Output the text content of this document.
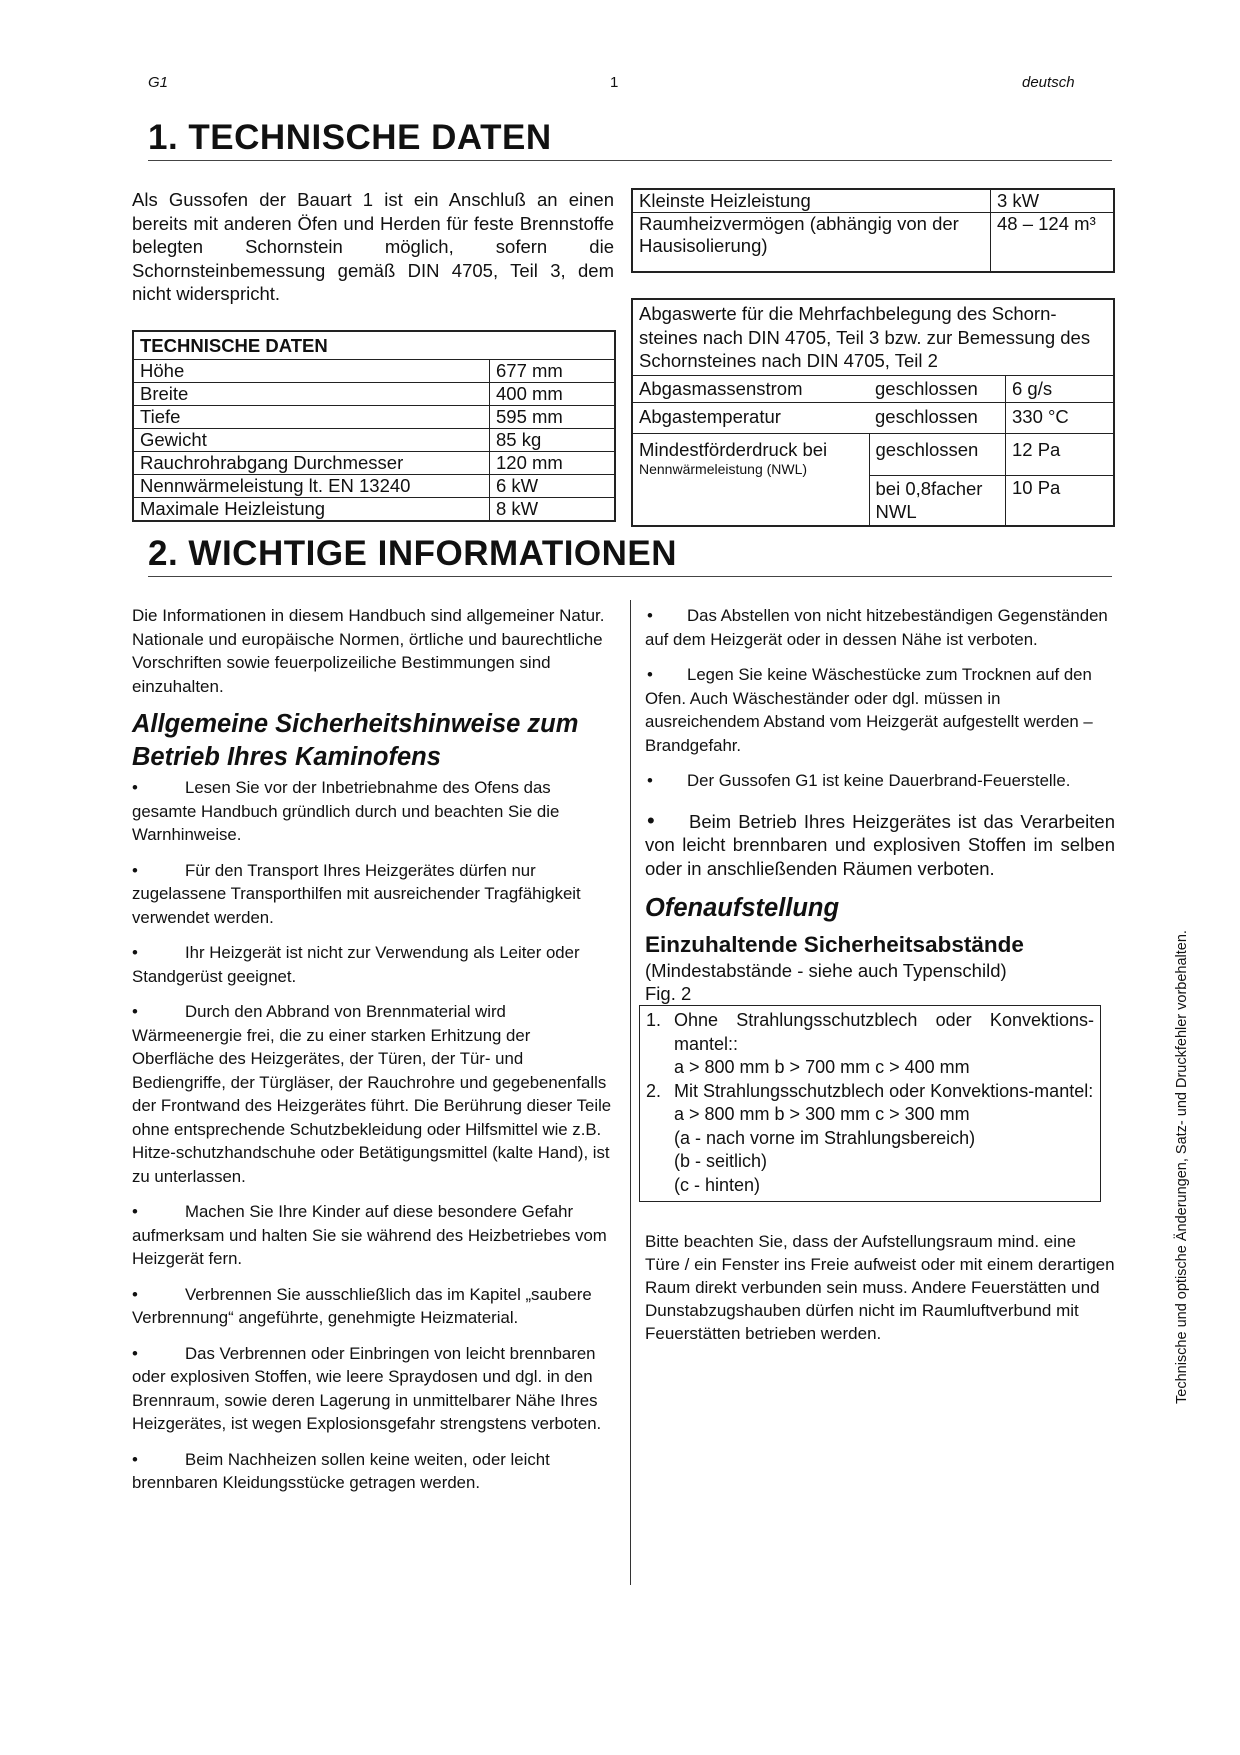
G1	1	deutsch
1. TECHNISCHE DATEN
Als Gussofen der Bauart 1 ist ein Anschluß an einen bereits mit anderen Öfen und Herden für feste Brennstoffe belegten Schornstein möglich, sofern die Schornsteinbemessung gemäß DIN 4705, Teil 3, dem nicht widerspricht.
TECHNISCHE DATEN	
Höhe	677 mm
Breite	400 mm
Tiefe	595 mm
Gewicht	85 kg
Rauchrohrabgang Durchmesser	120 mm
Nennwärmeleistung lt. EN 13240	6 kW
Maximale Heizleistung	8 kW
Kleinste Heizleistung	3 kW
Raumheizvermögen (abhängig von der Hausisolierung)	48 – 124 m³
Abgaswerte für die Mehrfachbelegung des Schorn-steines nach DIN 4705, Teil 3 bzw. zur Bemessung des Schornsteines nach DIN 4705, Teil 2		
Abgasmassenstrom	geschlossen	6 g/s
Abgastemperatur	geschlossen	330 °C

Mindestförderdruck bei
Nennwärmeleistung (NWL)	geschlossen	12 Pa
	bei 0,8facher NWL	10 Pa
2. WICHTIGE INFORMATIONEN

Die Informationen in diesem Handbuch sind allgemeiner Natur. Nationale und europäische Normen, örtliche und baurechtliche Vorschriften sowie feuerpolizeiliche Bestimmungen sind einzuhalten.

Allgemeine Sicherheitshinweise zum Betrieb Ihres Kaminofens
•	Lesen Sie vor der Inbetriebnahme des Ofens das gesamte Handbuch gründlich durch und beachten Sie die Warnhinweise.
•	Für den Transport Ihres Heizgerätes dürfen nur zugelassene Transporthilfen mit ausreichender Tragfähigkeit verwendet werden.
•	Ihr Heizgerät ist nicht zur Verwendung als Leiter oder Standgerüst geeignet.
•	Durch den Abbrand von Brennmaterial wird Wärmeenergie frei, die zu einer starken Erhitzung der Oberfläche des Heizgerätes, der Türen, der Tür- und Bediengriffe, der Türgläser, der Rauchrohre und gegebenenfalls der Frontwand des Heizgerätes führt. Die Berührung dieser Teile ohne entsprechende Schutzbekleidung oder Hilfsmittel wie z.B. Hitze-schutzhandschuhe oder Betätigungsmittel (kalte Hand), ist zu unterlassen.
•	Machen Sie Ihre Kinder auf diese besondere Gefahr aufmerksam und halten Sie sie während des Heizbetriebes vom Heizgerät fern.
•	Verbrennen Sie ausschließlich das im Kapitel „saubere Verbrennung“ angeführte, genehmigte Heizmaterial.
•	Das Verbrennen oder Einbringen von leicht brennbaren oder explosiven Stoffen, wie leere Spraydosen und dgl. in den Brennraum, sowie deren Lagerung in unmittelbarer Nähe Ihres Heizgerätes, ist wegen Explosionsgefahr strengstens verboten.
•	Beim Nachheizen sollen keine weiten, oder leicht brennbaren Kleidungsstücke getragen werden.
• Das Abstellen von nicht hitzebeständigen Gegenständen auf dem Heizgerät oder in dessen Nähe ist verboten.
• Legen Sie keine Wäschestücke zum Trocknen auf den Ofen. Auch Wäscheständer oder dgl. müssen in ausreichendem Abstand vom Heizgerät aufgestellt werden – Brandgefahr.
• Der Gussofen G1 ist keine Dauerbrand-Feuerstelle.
• Beim Betrieb Ihres Heizgerätes ist das Verarbeiten von leicht brennbaren und explosiven Stoffen im selben oder in anschließenden Räumen verboten.
Ofenaufstellung
Einzuhaltende Sicherheitsabstände
(Mindestabstände - siehe auch Typenschild)
Fig. 2
1. Ohne Strahlungsschutzblech oder Konvektions-mantel::
a > 800 mm b > 700 mm c > 400 mm
2. Mit Strahlungsschutzblech oder Konvektions-mantel:
a > 800 mm b > 300 mm c > 300 mm
(a - nach vorne im Strahlungsbereich)
(b - seitlich)
(c - hinten)

Bitte beachten Sie, dass der Aufstellungsraum mind. eine Türe / ein Fenster ins Freie aufweist oder mit einem derartigen Raum direkt verbunden sein muss. Andere Feuerstätten und Dunstabzugshauben dürfen nicht im Raumluftverbund mit Feuerstätten betrieben werden.	Technische und optische Änderungen, Satz- und Druckfehler vorbehalten.
